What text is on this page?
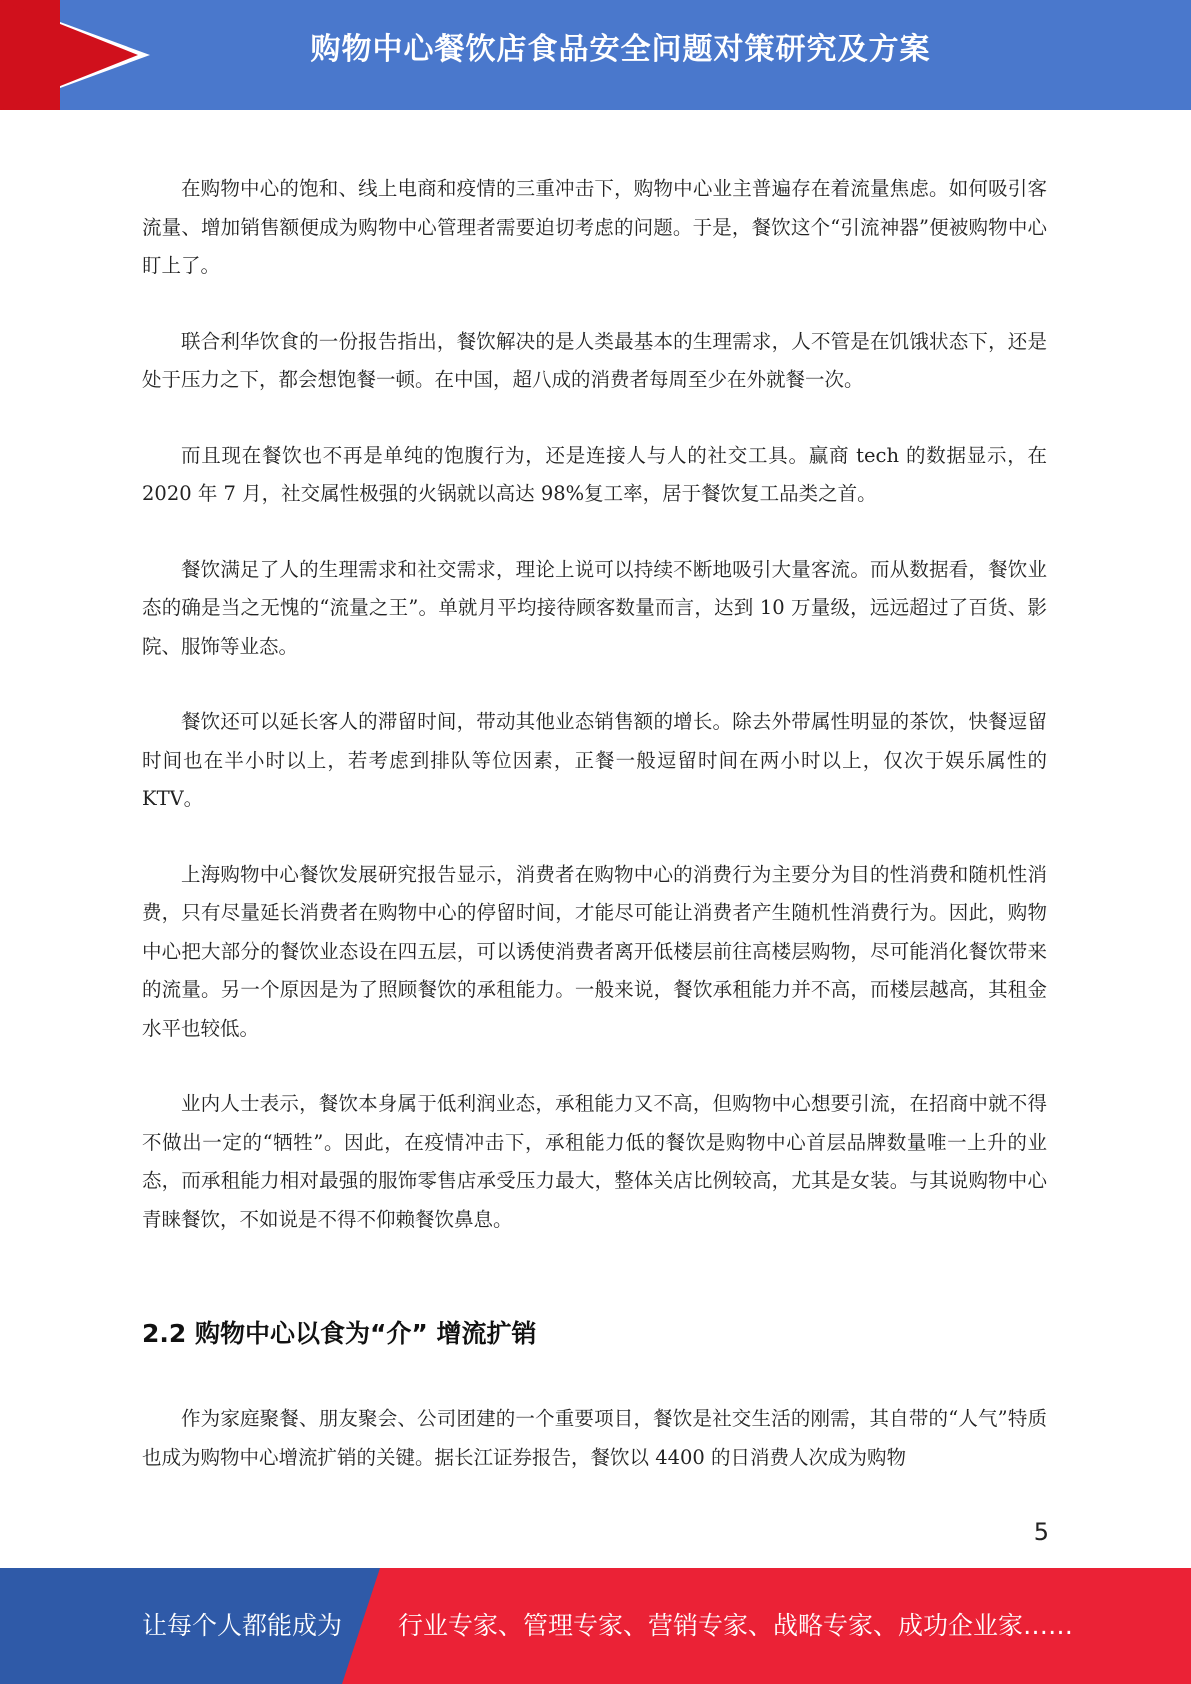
购物中心餐饮店食品安全问题对策研究及方案

在购物中心的饱和、线上电商和疫情的三重冲击下，购物中心业主普遍存在着流量焦虑。如何吸引客流量、增加销售额便成为购物中心管理者需要迫切考虑的问题。于是，餐饮这个“引流神器”便被购物中心盯上了。

联合利华饮食的一份报告指出，餐饮解决的是人类最基本的生理需求，人不管是在饥饿状态下，还是处于压力之下，都会想饱餐一顿。在中国，超八成的消费者每周至少在外就餐一次。

而且现在餐饮也不再是单纯的饱腹行为，还是连接人与人的社交工具。赢商 tech 的数据显示，在 2020 年 7 月，社交属性极强的火锅就以高达 98%复工率，居于餐饮复工品类之首。

餐饮满足了人的生理需求和社交需求，理论上说可以持续不断地吸引大量客流。而从数据看，餐饮业态的确是当之无愧的“流量之王”。单就月平均接待顾客数量而言，达到 10 万量级，远远超过了百货、影院、服饰等业态。

餐饮还可以延长客人的滞留时间，带动其他业态销售额的增长。除去外带属性明显的茶饮，快餐逗留时间也在半小时以上，若考虑到排队等位因素，正餐一般逗留时间在两小时以上，仅次于娱乐属性的 KTV。

上海购物中心餐饮发展研究报告显示，消费者在购物中心的消费行为主要分为目的性消费和随机性消费，只有尽量延长消费者在购物中心的停留时间，才能尽可能让消费者产生随机性消费行为。因此，购物中心把大部分的餐饮业态设在四五层，可以诱使消费者离开低楼层前往高楼层购物，尽可能消化餐饮带来的流量。另一个原因是为了照顾餐饮的承租能力。一般来说，餐饮承租能力并不高，而楼层越高，其租金水平也较低。

业内人士表示，餐饮本身属于低利润业态，承租能力又不高，但购物中心想要引流，在招商中就不得不做出一定的“牺牲”。因此，在疫情冲击下，承租能力低的餐饮是购物中心首层品牌数量唯一上升的业态，而承租能力相对最强的服饰零售店承受压力最大，整体关店比例较高，尤其是女装。与其说购物中心青睐餐饮，不如说是不得不仰赖餐饮鼻息。

2.2 购物中心以食为“介” 增流扩销

作为家庭聚餐、朋友聚会、公司团建的一个重要项目，餐饮是社交生活的刚需，其自带的“人气”特质也成为购物中心增流扩销的关键。据长江证券报告，餐饮以 4400 的日消费人次成为购物

5
让每个人都能成为 行业专家、管理专家、营销专家、战略专家、成功企业家……
